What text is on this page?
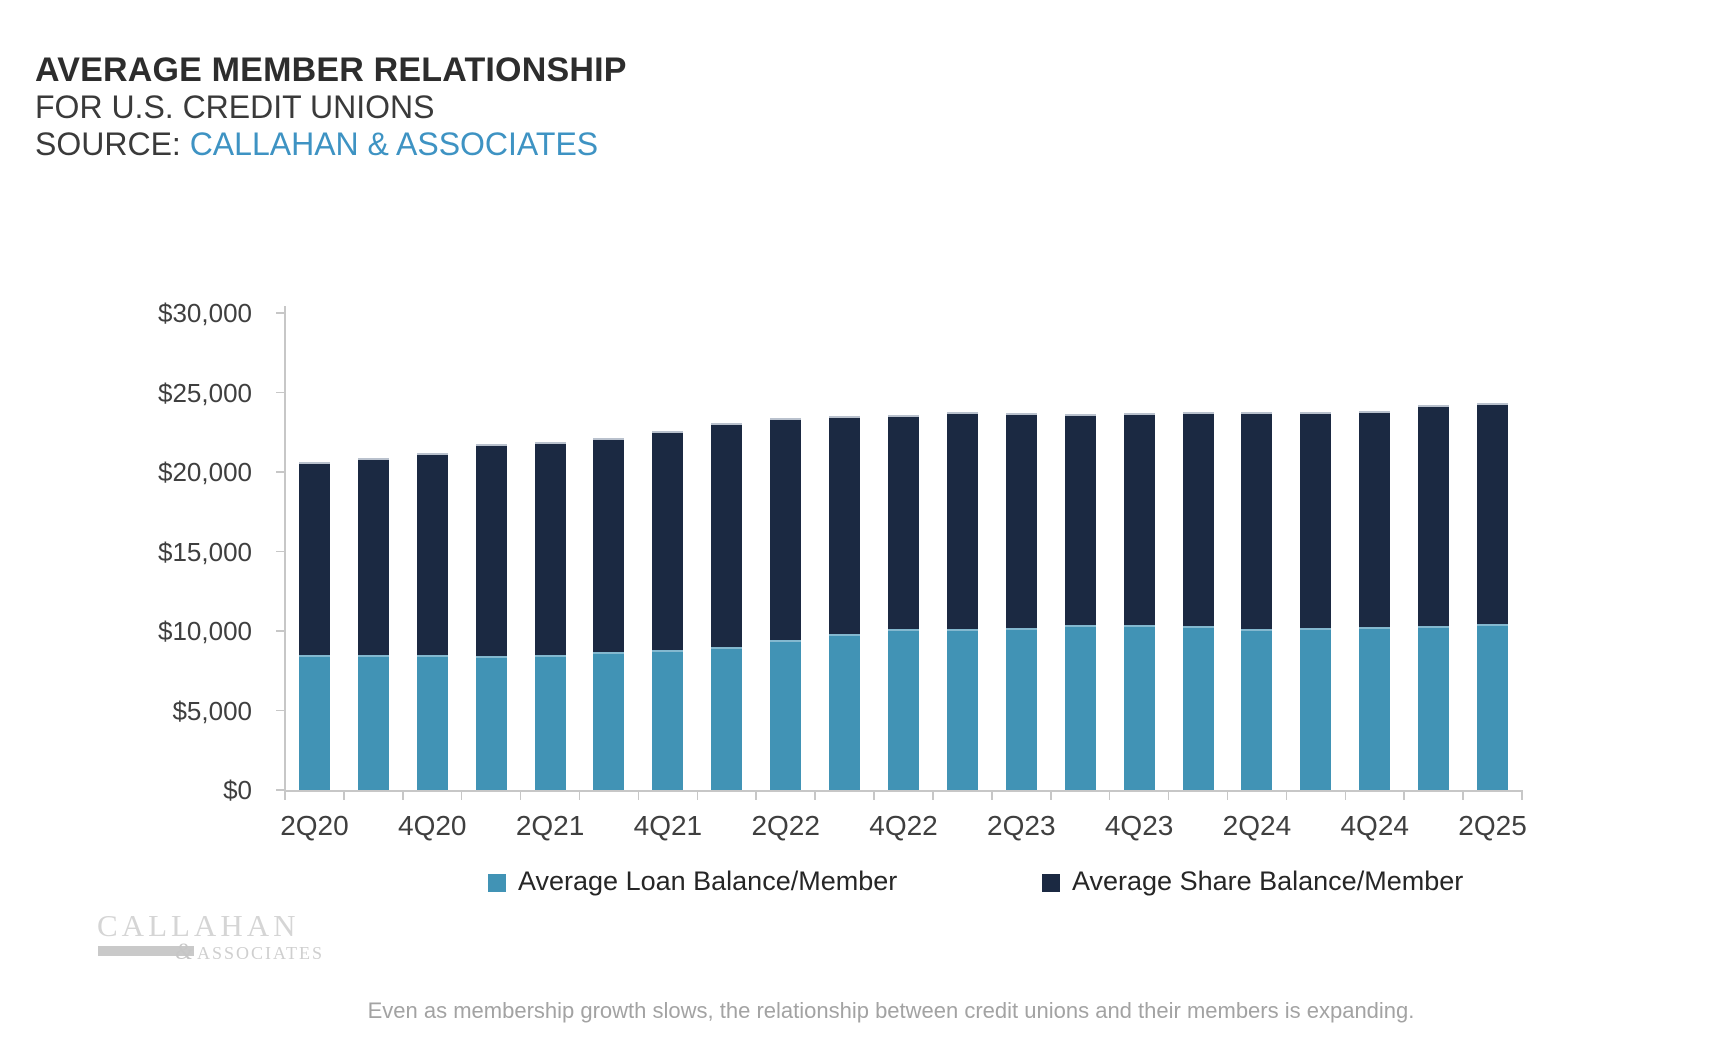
AVERAGE MEMBER RELATIONSHIP
FOR U.S. CREDIT UNIONS
SOURCE: CALLAHAN & ASSOCIATES
$0
$5,000
$10,000
$15,000
$20,000
$25,000
$30,000
2Q20	4Q20	2Q21	4Q21	2Q22	4Q22	2Q23	4Q23	2Q24	4Q24	2Q25
Average Loan Balance/Member	Average Share Balance/Member
CALLAHAN
& ASSOCIATES
Even as membership growth slows, the relationship between credit unions and their members is expanding.
